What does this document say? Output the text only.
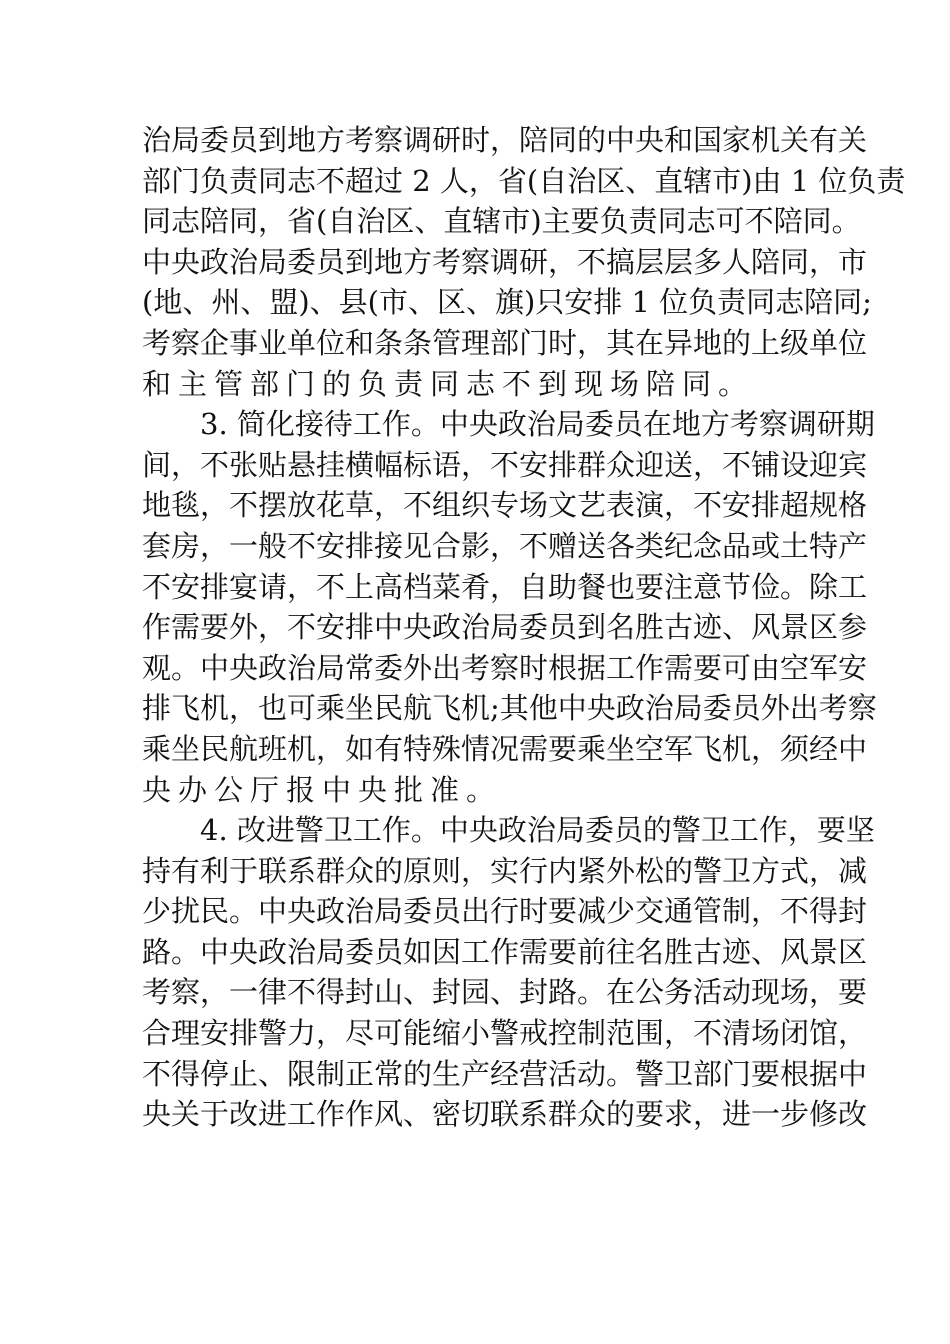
治局委员到地方考察调研时，陪同的中央和国家机关有关
部门负责同志不超过 2 人，省(自治区、直辖市)由 1 位负责
同志陪同，省(自治区、直辖市)主要负责同志可不陪同。
中央政治局委员到地方考察调研，不搞层层多人陪同，市
(地、州、盟)、县(市、区、旗)只安排 1 位负责同志陪同;
考察企事业单位和条条管理部门时，其在异地的上级单位
和主管部门的负责同志不到现场陪同。
3. 简化接待工作。中央政治局委员在地方考察调研期
间，不张贴悬挂横幅标语，不安排群众迎送，不铺设迎宾
地毯，不摆放花草，不组织专场文艺表演，不安排超规格
套房，一般不安排接见合影，不赠送各类纪念品或土特产
不安排宴请，不上高档菜肴，自助餐也要注意节俭。除工
作需要外，不安排中央政治局委员到名胜古迹、风景区参
观。中央政治局常委外出考察时根据工作需要可由空军安
排飞机，也可乘坐民航飞机;其他中央政治局委员外出考察
乘坐民航班机，如有特殊情况需要乘坐空军飞机，须经中
央办公厅报中央批准。
4. 改进警卫工作。中央政治局委员的警卫工作，要坚
持有利于联系群众的原则，实行内紧外松的警卫方式，减
少扰民。中央政治局委员出行时要减少交通管制，不得封
路。中央政治局委员如因工作需要前往名胜古迹、风景区
考察，一律不得封山、封园、封路。在公务活动现场，要
合理安排警力，尽可能缩小警戒控制范围，不清场闭馆，
不得停止、限制正常的生产经营活动。警卫部门要根据中
央关于改进工作作风、密切联系群众的要求，进一步修改
